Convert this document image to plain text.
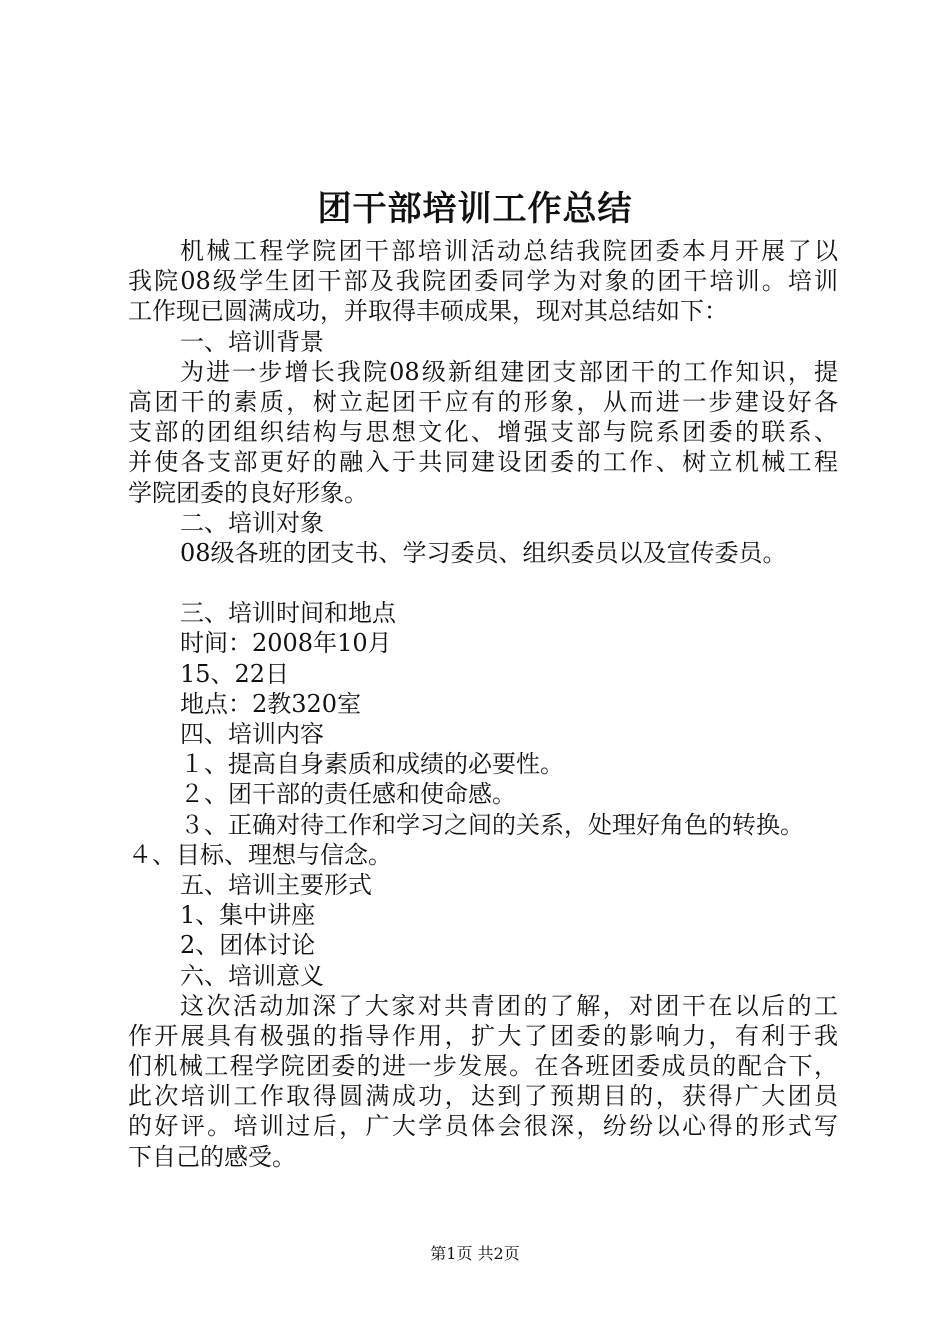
团干部培训工作总结
机械工程学院团干部培训活动总结我院团委本月开展了以
我院08级学生团干部及我院团委同学为对象的团干培训。培训
工作现已圆满成功，并取得丰硕成果，现对其总结如下：
一、培训背景
为进一步增长我院08级新组建团支部团干的工作知识，提
高团干的素质，树立起团干应有的形象，从而进一步建设好各
支部的团组织结构与思想文化、增强支部与院系团委的联系、
并使各支部更好的融入于共同建设团委的工作、树立机械工程
学院团委的良好形象。
二、培训对象
08级各班的团支书、学习委员、组织委员以及宣传委员。
三、培训时间和地点
时间：2008年10月
15、22日
地点：2教320室
四、培训内容
１、提高自身素质和成绩的必要性。
２、团干部的责任感和使命感。
３、正确对待工作和学习之间的关系，处理好角色的转换。
４、目标、理想与信念。
五、培训主要形式
1、集中讲座
2、团体讨论
六、培训意义
这次活动加深了大家对共青团的了解，对团干在以后的工
作开展具有极强的指导作用，扩大了团委的影响力，有利于我
们机械工程学院团委的进一步发展。在各班团委成员的配合下，
此次培训工作取得圆满成功，达到了预期目的，获得广大团员
的好评。培训过后，广大学员体会很深，纷纷以心得的形式写
下自己的感受。
第1页 共2页
